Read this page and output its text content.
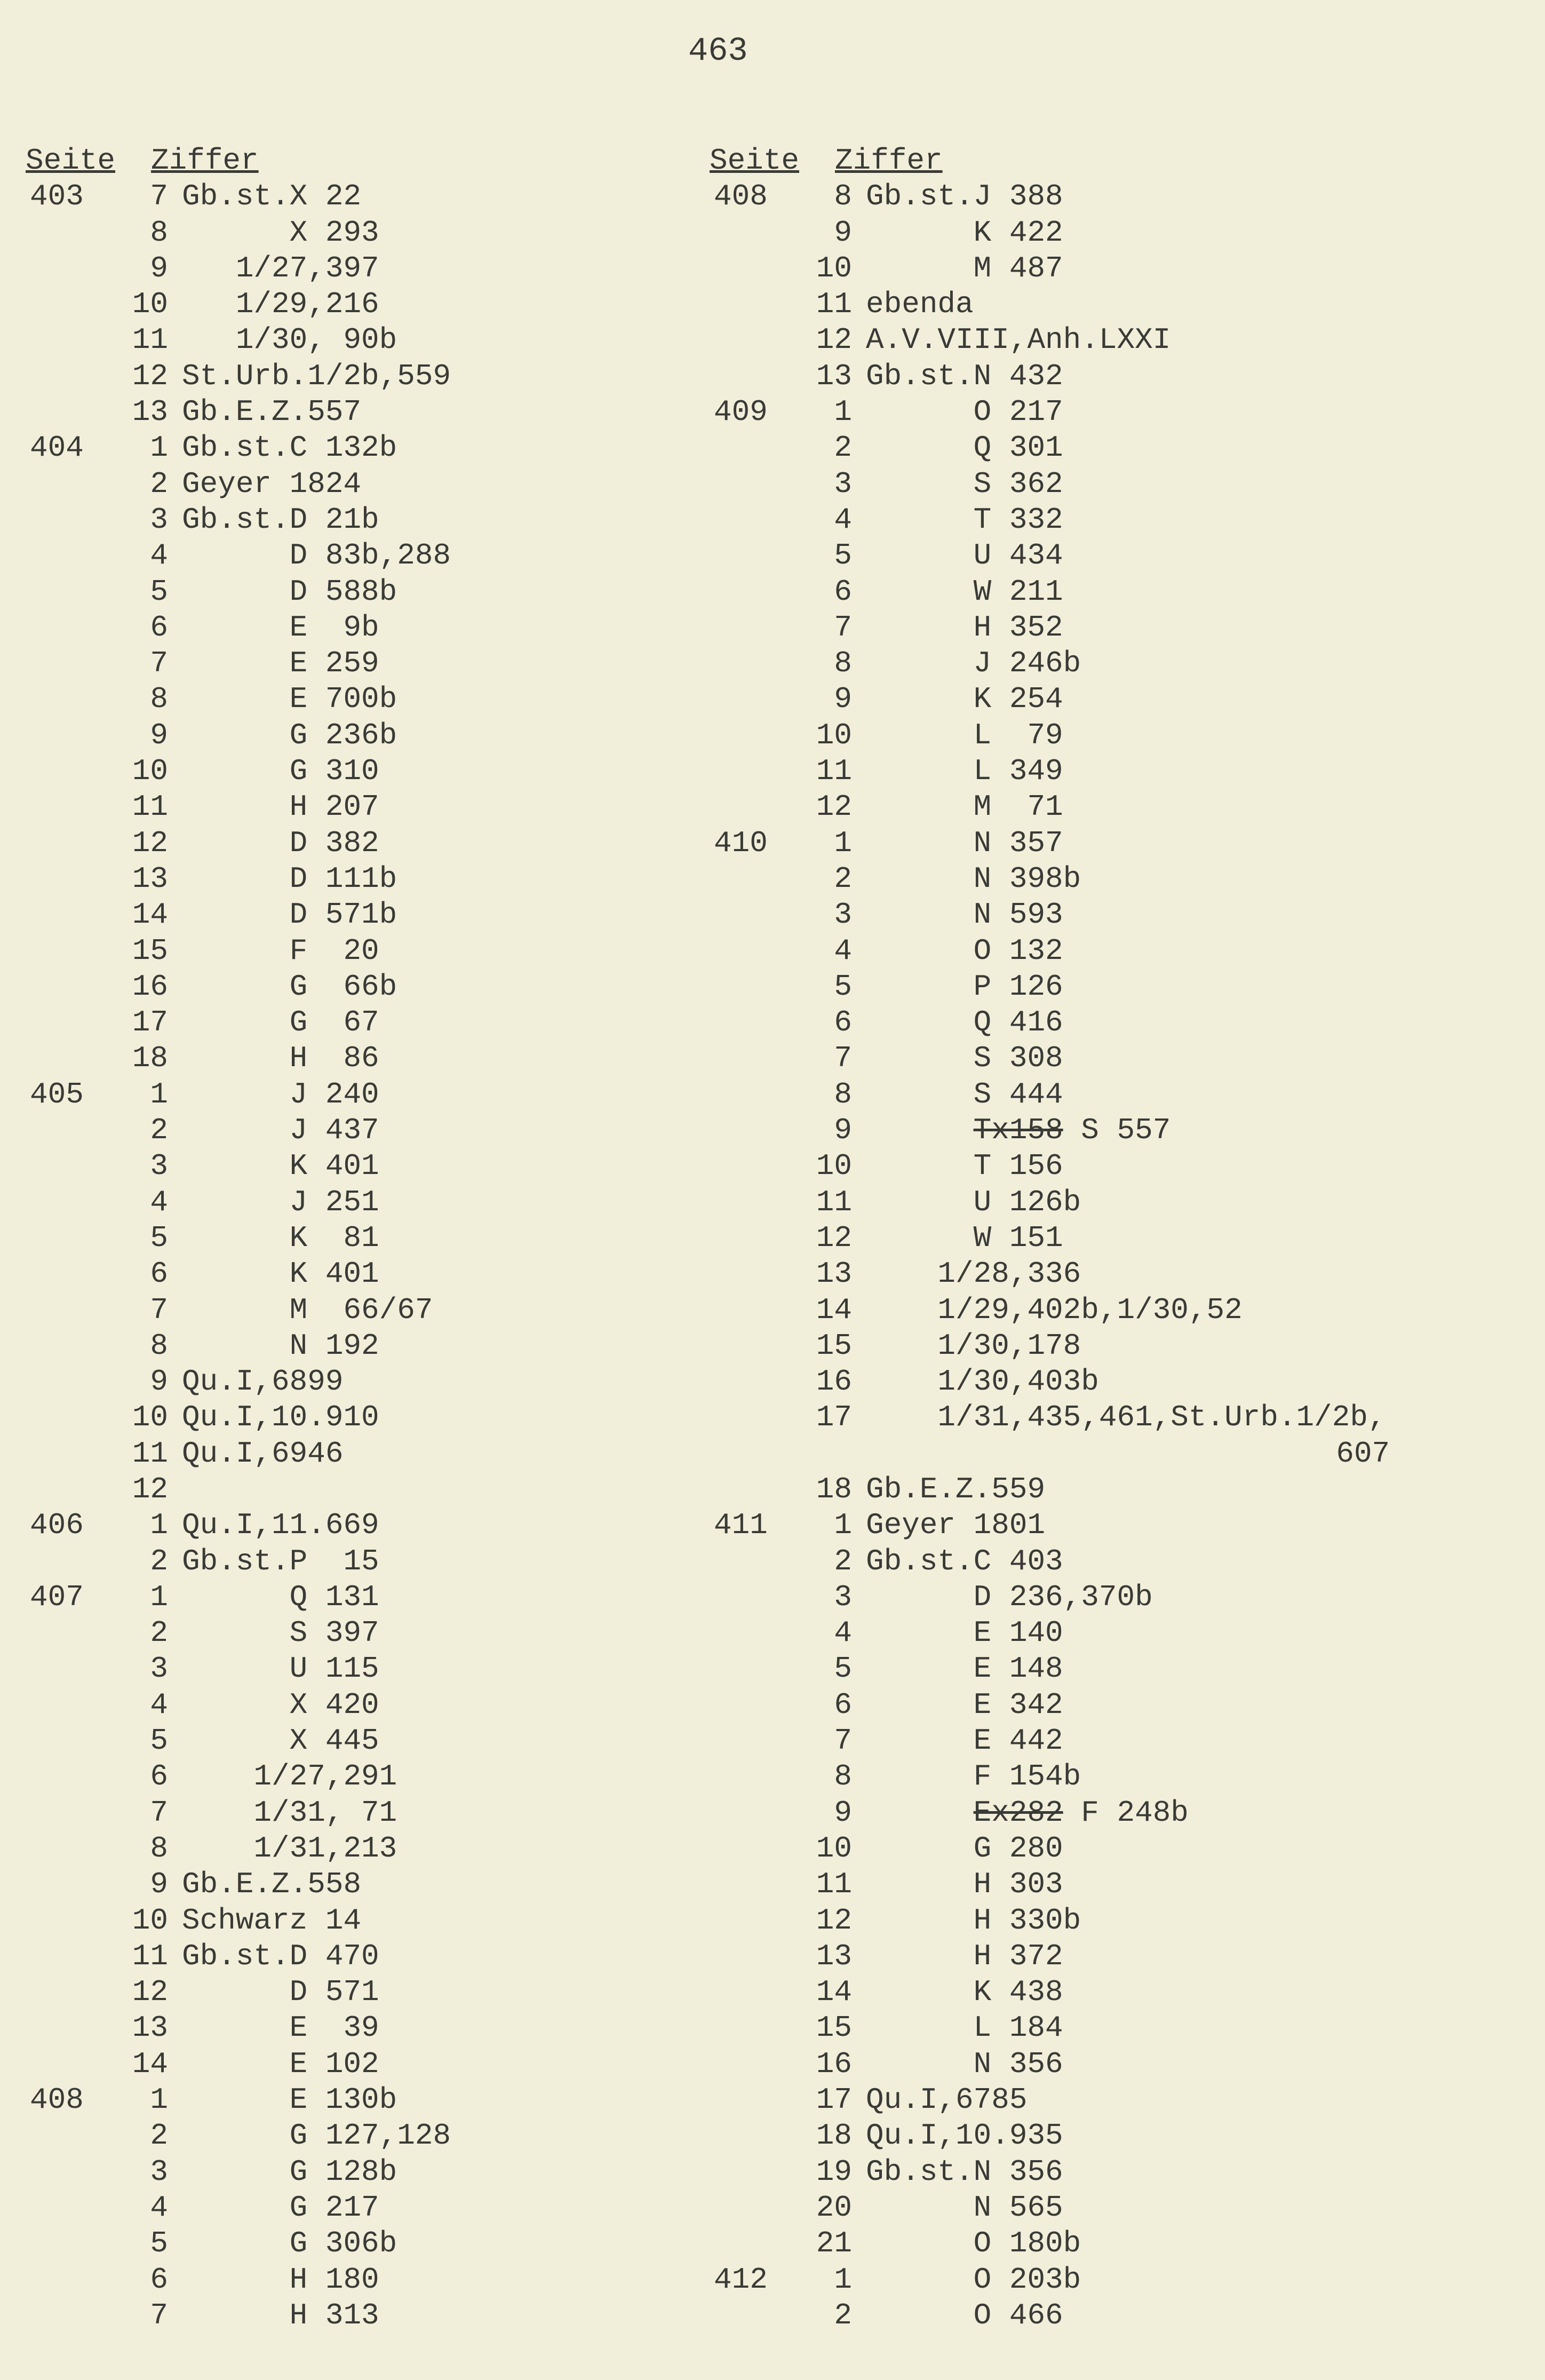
463
Seite	Ziffer
403	7 Gb.st.X 22
8 X 293
9 1/27,397
10 1/29,216
11 1/30, 90b
12 St.Urb.1/2b,559
13 Gb.E.Z.557
404	1 Gb.st.C 132b
2 Geyer 1824
3 Gb.st.D 21b
4 D 83b,288
5 D 588b
6 E  9b
7 E 259
8 E 700b
9 G 236b
10 G 310
11 H 207
12 D 382
13 D 111b
14 D 571b
15 F  20
16 G  66b
17 G  67
18 H  86
405	1 J 240
2 J 437
3 K 401
4 J 251
5 K  81
6 K 401
7 M  66/67
8 N 192
9 Qu.I,6899
10 Qu.I,10.910
11 Qu.I,6946
12
406	1 Qu.I,11.669
2 Gb.st.P  15
407	1 Q 131
2 S 397
3 U 115
4 X 420
5 X 445
6 1/27,291
7 1/31, 71
8 1/31,213
9 Gb.E.Z.558
10 Schwarz 14
11 Gb.st.D 470
12 D 571
13 E  39
14 E 102
408	1 E 130b
2 G 127,128
3 G 128b
4 G 217
5 G 306b
6 H 180
7 H 313
Seite	Ziffer
408	8 Gb.st.J 388
9 K 422
10 M 487
11 ebenda
12 A.V.VIII,Anh.LXXI
13 Gb.st.N 432
409	1 O 217
2 Q 301
3 S 362
4 T 332
5 U 434
6 W 211
7 H 352
8 J 246b
9 K 254
10 L  79
11 L 349
12 M  71
410	1 N 357
2 N 398b
3 N 593
4 O 132
5 P 126
6 Q 416
7 S 308
8 S 444
9	Tx158 S 557
10 T 156
11 U 126b
12 W 151
13 1/28,336
14 1/29,402b,1/30,52
15 1/30,178
16 1/30,403b
17 1/31,435,461,St.Urb.1/2b,
607
18 Gb.E.Z.559
411	1 Geyer 1801
2 Gb.st.C 403
3 D 236,370b
4 E 140
5 E 148
6 E 342
7 E 442
8 F 154b
9	Ex282 F 248b
10 G 280
11 H 303
12 H 330b
13 H 372
14 K 438
15 L 184
16 N 356
17 Qu.I,6785
18 Qu.I,10.935
19 Gb.st.N 356
20 N 565
21 O 180b
412	1 O 203b
2 O 466
